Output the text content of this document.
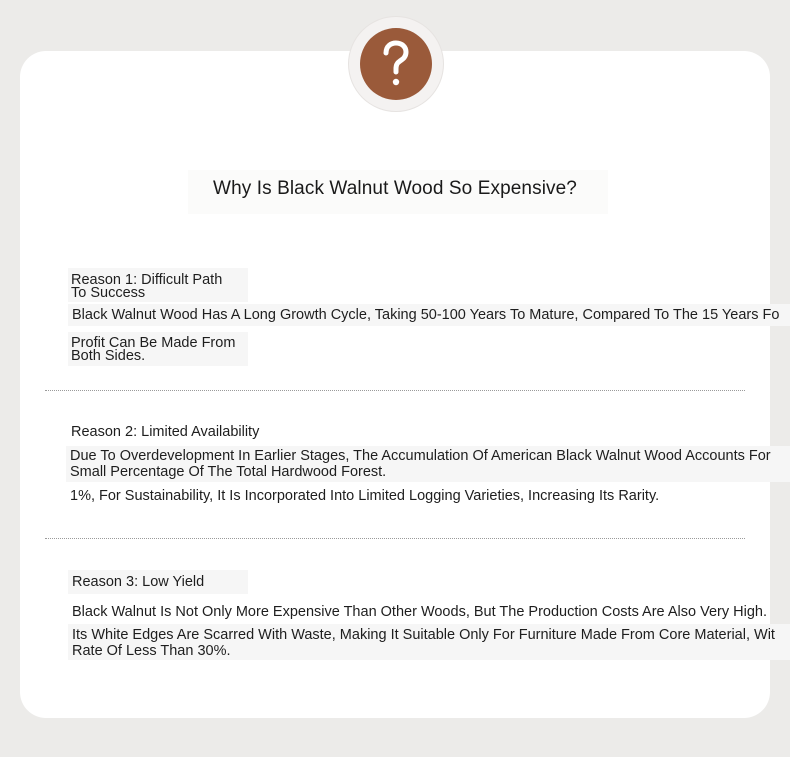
Why Is Black Walnut Wood So Expensive?
Reason 1: Difficult Path
To Success
Black Walnut Wood Has A Long Growth Cycle, Taking 50-100 Years To Mature, Compared To The 15 Years Fo
Profit Can Be Made From
Both Sides.
Reason 2: Limited Availability
Due To Overdevelopment In Earlier Stages, The Accumulation Of American Black Walnut Wood Accounts For
Small Percentage Of The Total Hardwood Forest.
1%, For Sustainability, It Is Incorporated Into Limited Logging Varieties, Increasing Its Rarity.
Reason 3: Low Yield
Black Walnut Is Not Only More Expensive Than Other Woods, But The Production Costs Are Also Very High.
Its White Edges Are Scarred With Waste, Making It Suitable Only For Furniture Made From Core Material, Wit
Rate Of Less Than 30%.
